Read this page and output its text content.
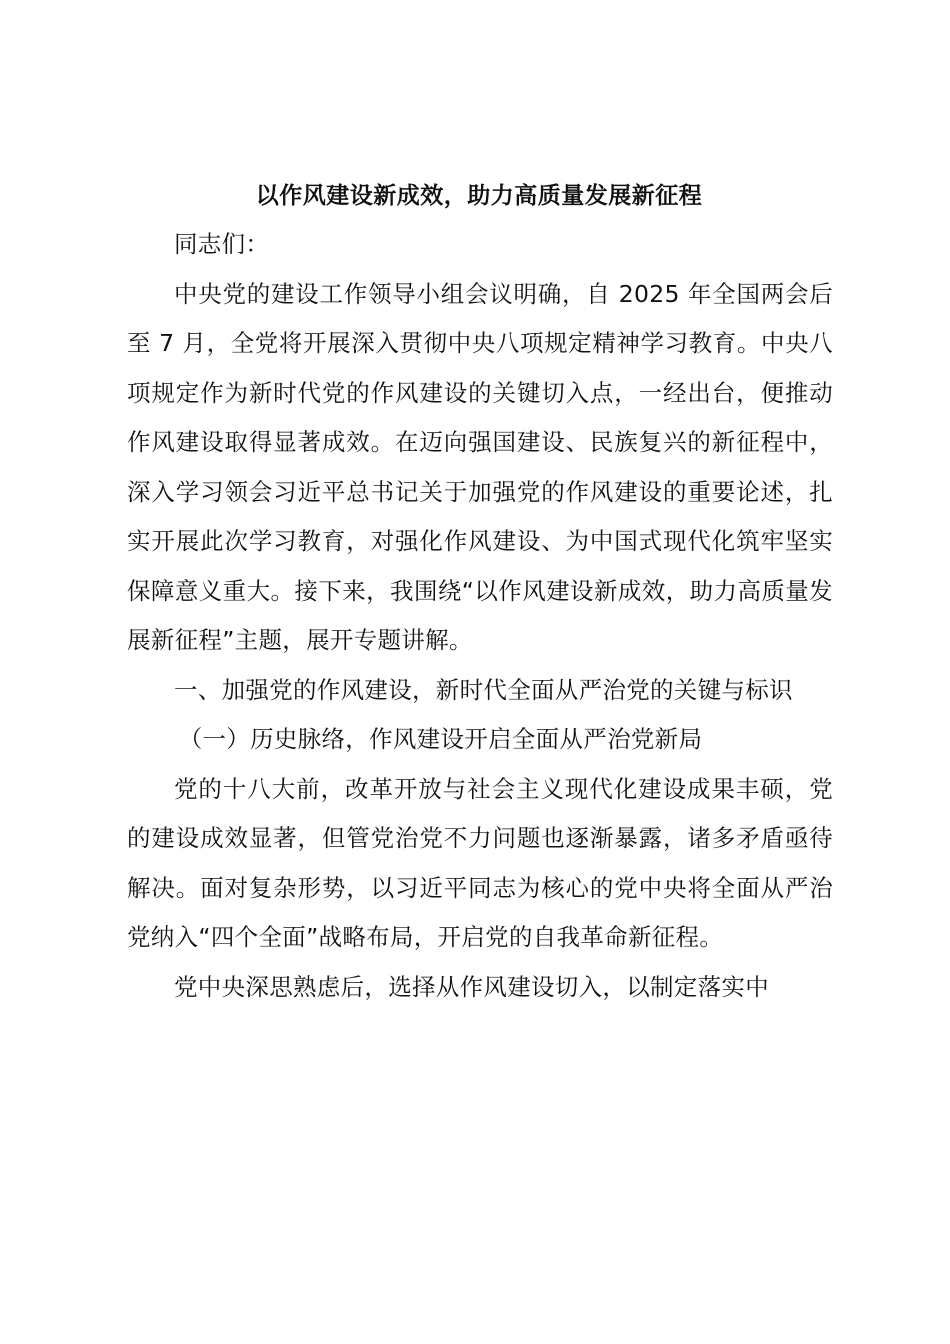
以作风建设新成效，助力高质量发展新征程

同志们：

中央党的建设工作领导小组会议明确，自 2025 年全国两会后至 7 月，全党将开展深入贯彻中央八项规定精神学习教育。中央八项规定作为新时代党的作风建设的关键切入点，一经出台，便推动作风建设取得显著成效。在迈向强国建设、民族复兴的新征程中，深入学习领会习近平总书记关于加强党的作风建设的重要论述，扎实开展此次学习教育，对强化作风建设、为中国式现代化筑牢坚实保障意义重大。接下来，我围绕“以作风建设新成效，助力高质量发展新征程”主题，展开专题讲解。

一、加强党的作风建设，新时代全面从严治党的关键与标识

（一）历史脉络，作风建设开启全面从严治党新局

党的十八大前，改革开放与社会主义现代化建设成果丰硕，党的建设成效显著，但管党治党不力问题也逐渐暴露，诸多矛盾亟待解决。面对复杂形势，以习近平同志为核心的党中央将全面从严治党纳入“四个全面”战略布局，开启党的自我革命新征程。

党中央深思熟虑后，选择从作风建设切入，以制定落实中
